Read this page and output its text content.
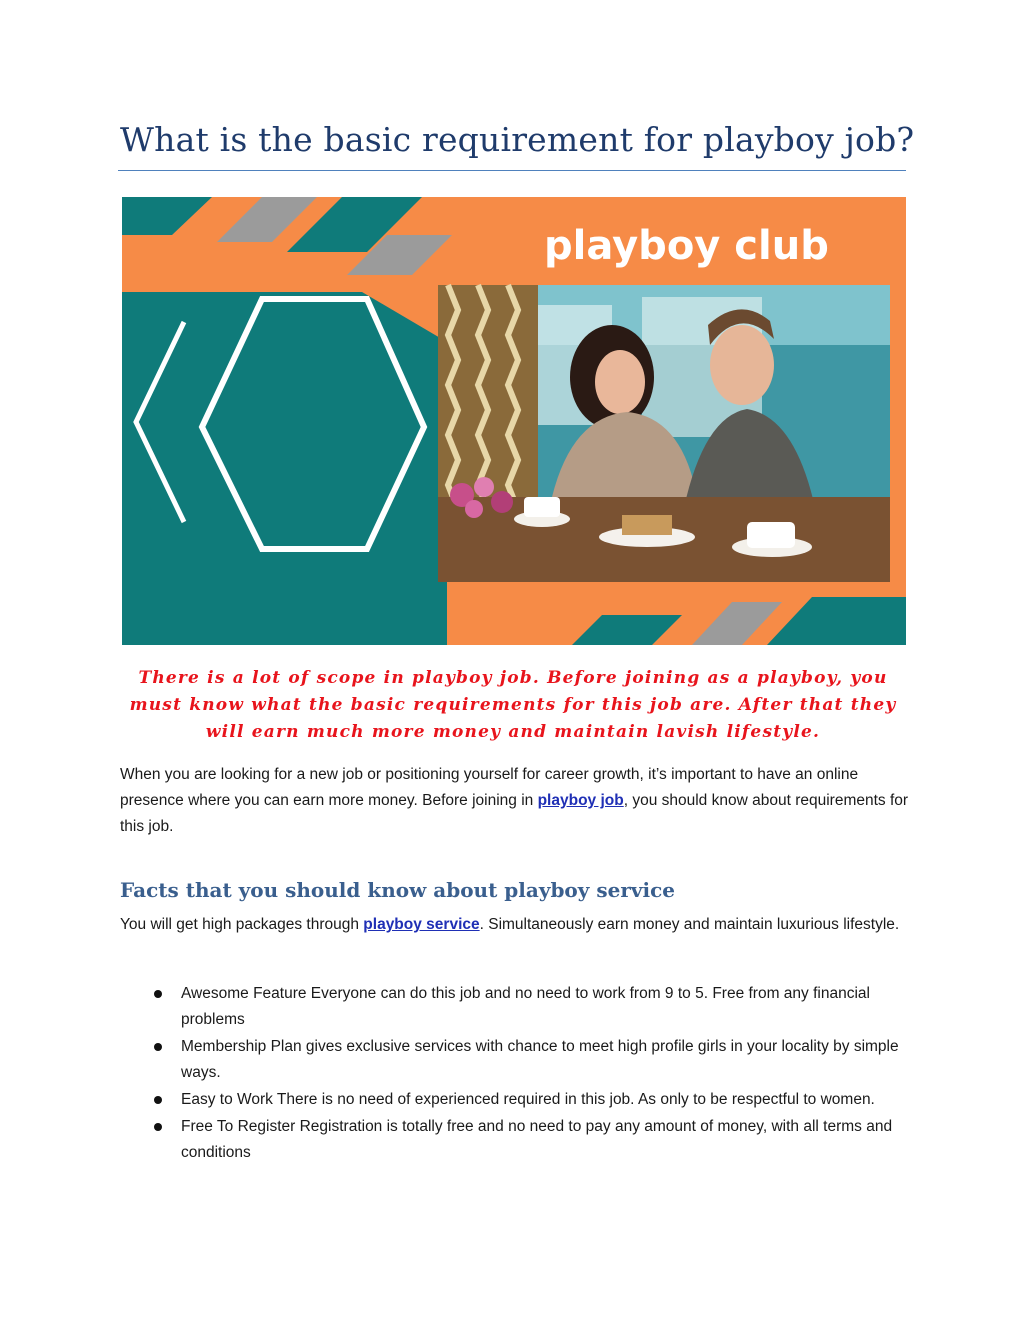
What is the basic requirement for playboy job?
playboy club

There is a lot of scope in playboy job. Before joining as a playboy, you must know what the basic requirements for this job are. After that they will earn much more money and maintain lavish lifestyle.

When you are looking for a new job or positioning yourself for career growth, it’s important to have an online presence where you can earn more money. Before joining in playboy job, you should know about requirements for this job.

Facts that you should know about playboy service

You will get high packages through playboy service. Simultaneously earn money and maintain luxurious lifestyle.

Awesome Feature Everyone can do this job and no need to work from 9 to 5. Free from any financial problems
Membership Plan gives exclusive services with chance to meet high profile girls in your locality by simple ways.
Easy to Work There is no need of experienced required in this job. As only to be respectful to women.
Free To Register Registration is totally free and no need to pay any amount of money, with all terms and conditions
